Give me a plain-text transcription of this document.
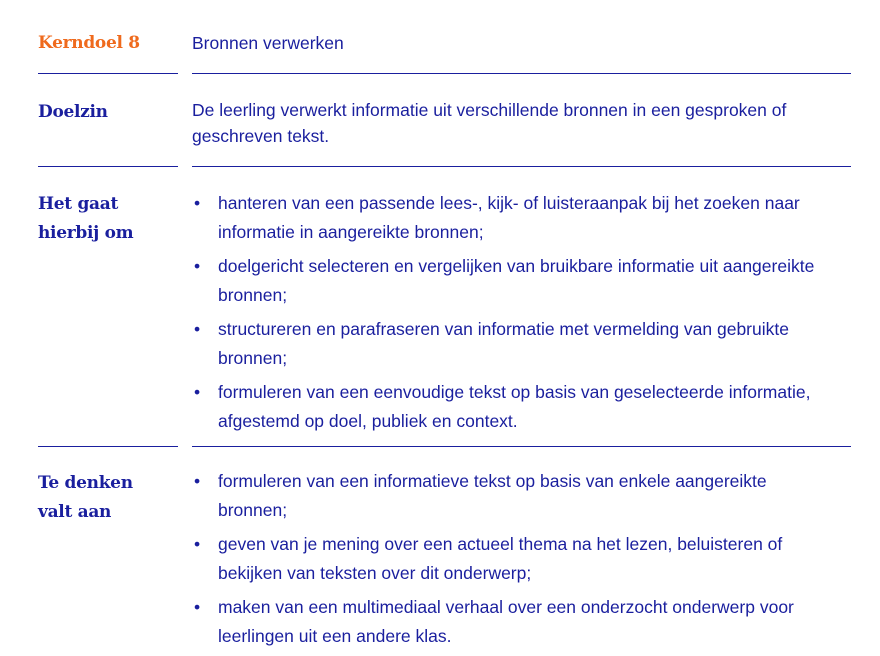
Kerndoel 8	Bronnen verwerken
Doelzin	De leerling verwerkt informatie uit verschillende bronnen in een gesproken of geschreven tekst.
Het gaat
hierbij om
• hanteren van een passende lees-, kijk- of luisteraanpak bij het zoeken naar informatie in aangereikte bronnen;
• doelgericht selecteren en vergelijken van bruikbare informatie uit aangereikte bronnen;
• structureren en parafraseren van informatie met vermelding van gebruikte bronnen;
• formuleren van een eenvoudige tekst op basis van geselecteerde informatie, afgestemd op doel, publiek en context.
Te denken
valt aan
• formuleren van een informatieve tekst op basis van enkele aangereikte bronnen;
• geven van je mening over een actueel thema na het lezen, beluisteren of bekijken van teksten over dit onderwerp;
• maken van een multimediaal verhaal over een onderzocht onderwerp voor leerlingen uit een andere klas.
